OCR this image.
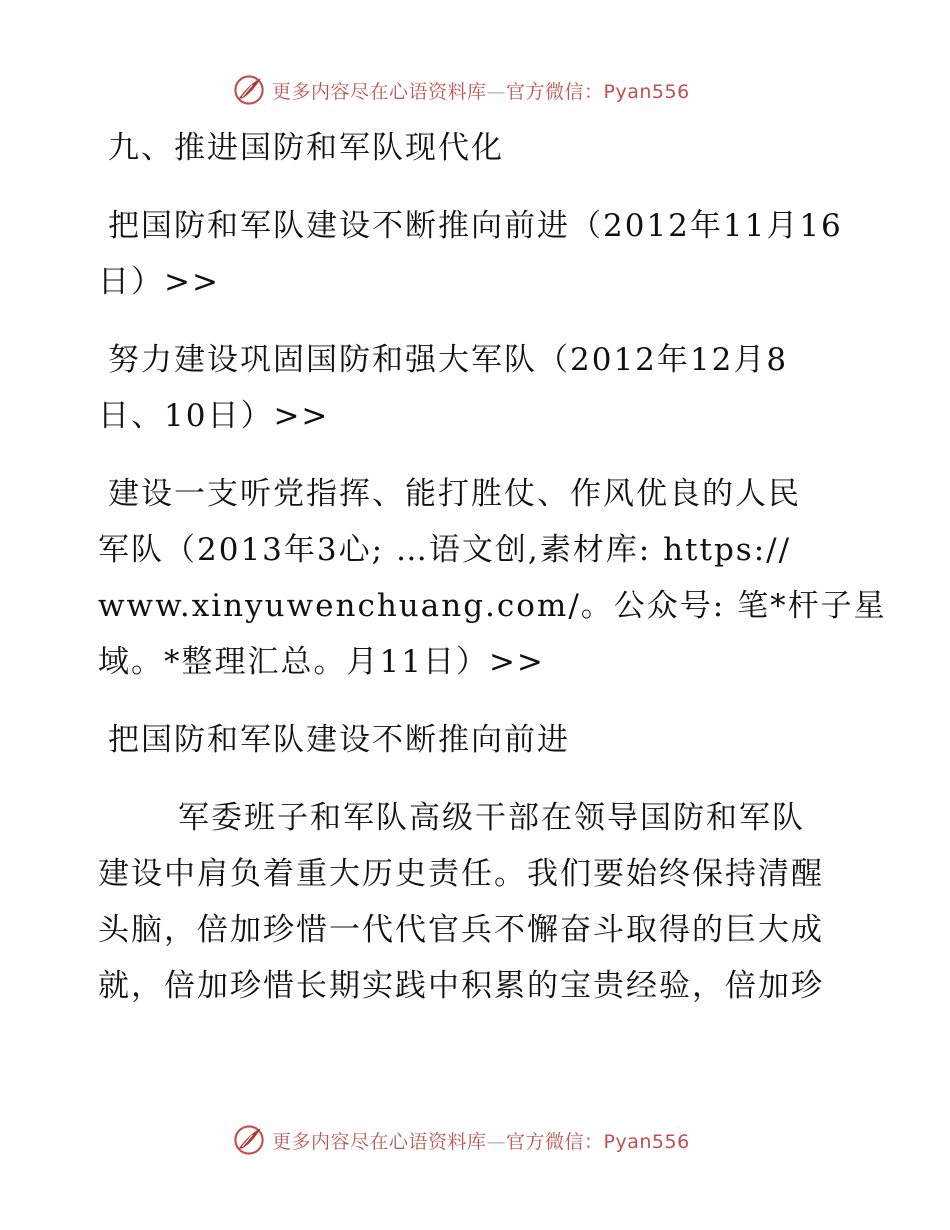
更多内容尽在心语资料库—官方微信：Pyan556
九、推进国防和军队现代化
把国防和军队建设不断推向前进（2012年11月16
日）>>
努力建设巩固国防和强大军队（2012年12月8
日、10日）>>
建设一支听党指挥、能打胜仗、作风优良的人民
军队（2013年3心; …语文创,素材库: https://
www.xinyuwenchuang.com/。公众号: 笔*杆子星
域。*整理汇总。月11日）>>
把国防和军队建设不断推向前进
军委班子和军队高级干部在领导国防和军队
建设中肩负着重大历史责任。我们要始终保持清醒
头脑，倍加珍惜一代代官兵不懈奋斗取得的巨大成
就，倍加珍惜长期实践中积累的宝贵经验，倍加珍
更多内容尽在心语资料库—官方微信：Pyan556
